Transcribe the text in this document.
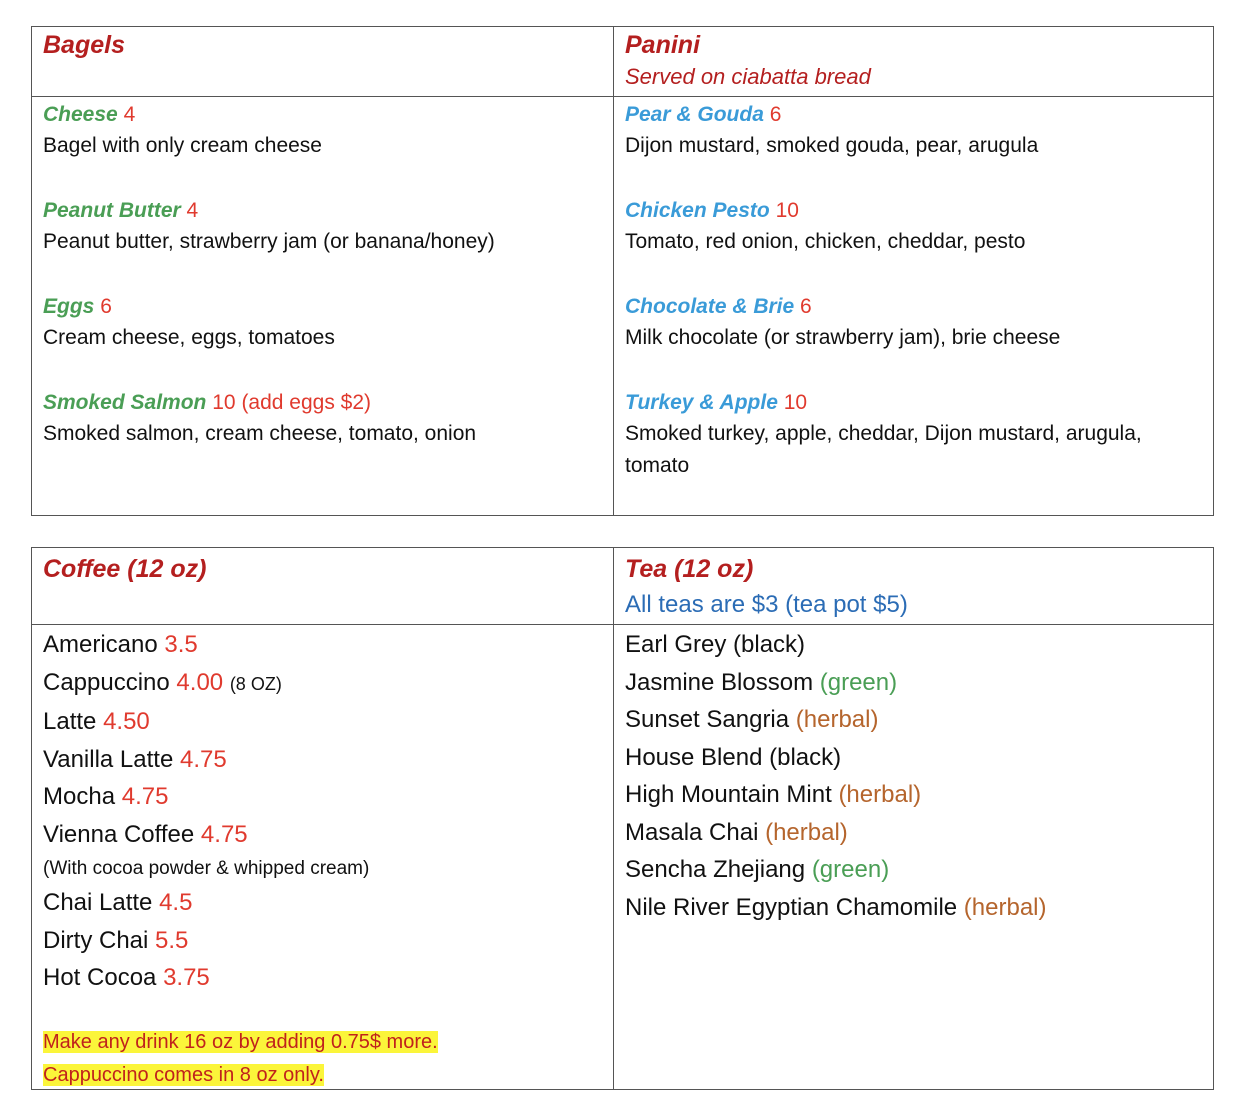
Bagels	Panini
Served on ciabatta bread
Cheese 4
Bagel with only cream cheese
Peanut Butter 4
Peanut butter, strawberry jam (or banana/honey)
Eggs 6
Cream cheese, eggs, tomatoes
Smoked Salmon 10 (add eggs $2)
Smoked salmon, cream cheese, tomato, onion
Pear & Gouda 6
Dijon mustard, smoked gouda, pear, arugula
Chicken Pesto 10
Tomato, red onion, chicken, cheddar, pesto
Chocolate & Brie 6
Milk chocolate (or strawberry jam), brie cheese
Turkey & Apple 10
Smoked turkey, apple, cheddar, Dijon mustard, arugula, tomato
Coffee (12 oz)	Tea (12 oz)
All teas are $3 (tea pot $5)
Americano 3.5
Cappuccino 4.00 (8 OZ)
Latte 4.50
Vanilla Latte 4.75
Mocha 4.75
Vienna Coffee 4.75
(With cocoa powder & whipped cream)
Chai Latte 4.5
Dirty Chai 5.5
Hot Cocoa 3.75
Make any drink 16 oz by adding 0.75$ more.
Cappuccino comes in 8 oz only.
Earl Grey (black)
Jasmine Blossom (green)
Sunset Sangria (herbal)
House Blend (black)
High Mountain Mint (herbal)
Masala Chai (herbal)
Sencha Zhejiang (green)
Nile River Egyptian Chamomile (herbal)
